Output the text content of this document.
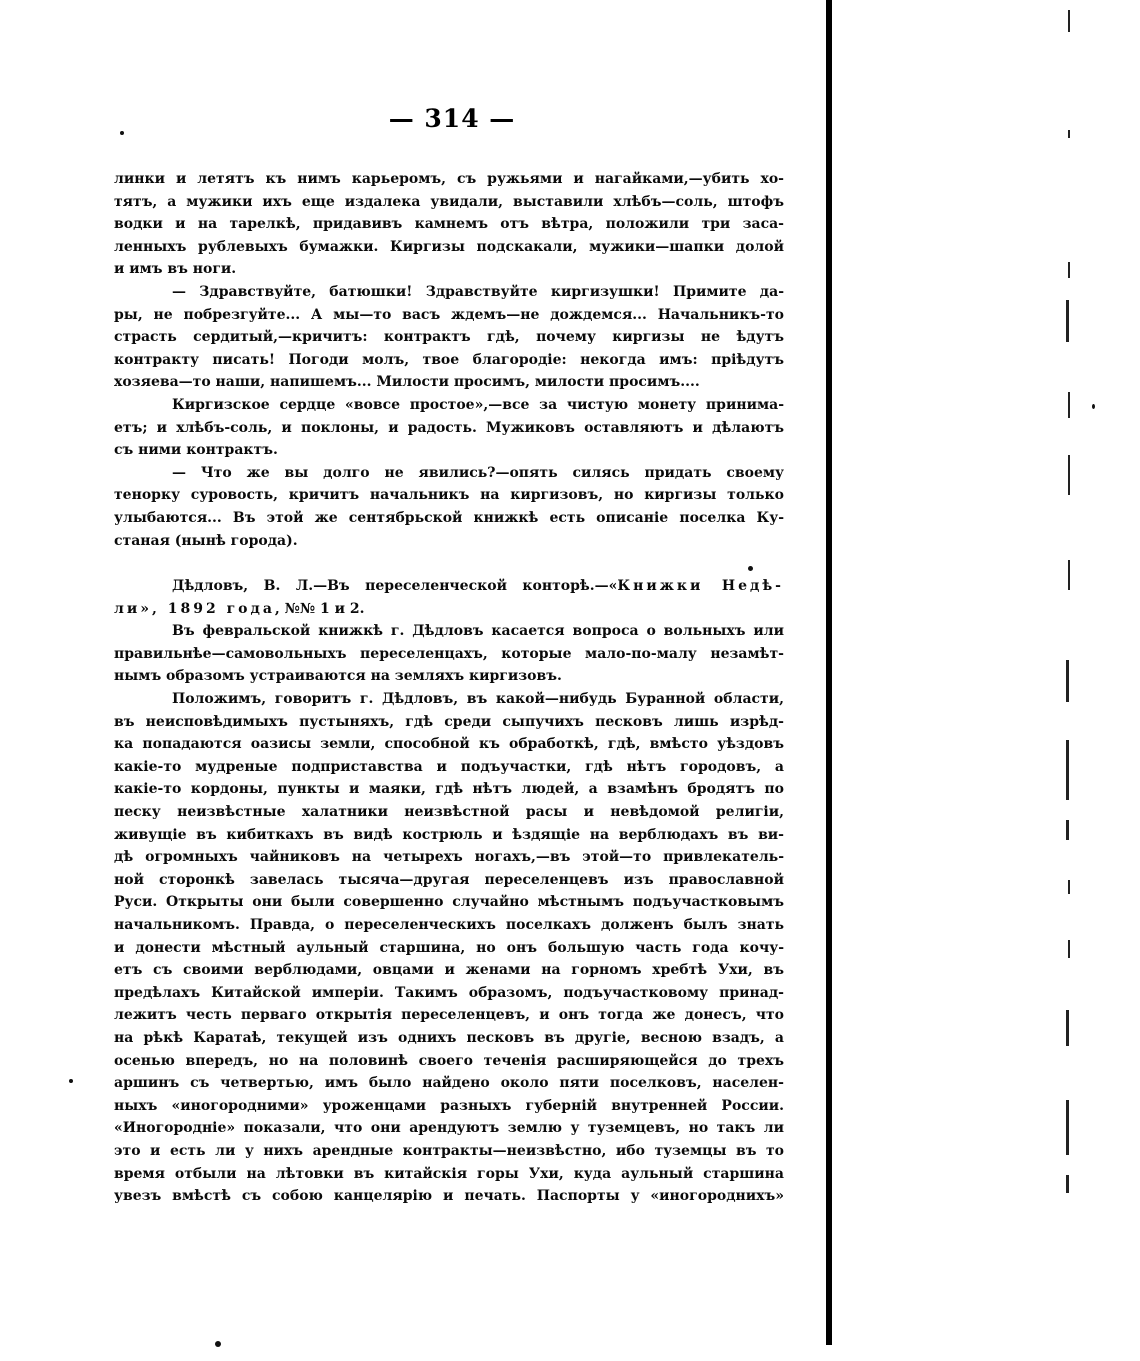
— 314 —
линки и летятъ къ нимъ карьеромъ, съ ружьями и нагайками,—убить хо-
тятъ, а мужики ихъ еще издалека увидали, выставили хлѣбъ—соль, штофъ
водки и на тарелкѣ, придавивъ камнемъ отъ вѣтра, положили три заса-
ленныхъ рублевыхъ бумажки. Киргизы подскакали, мужики—шапки долой
и имъ въ ноги.
— Здравствуйте, батюшки! Здравствуйте киргизушки! Примите да-
ры, не побрезгуйте... А мы—то васъ ждемъ—не дождемся... Начальникъ-то
страсть сердитый,—кричитъ: контрактъ гдѣ, почему киргизы не ѣдутъ
контракту писать! Погоди молъ, твое благородіе: некогда имъ: пріѣдутъ
хозяева—то наши, напишемъ... Милости просимъ, милости просимъ....
Киргизское сердце «вовсе простое»,—все за чистую монету принима-
етъ; и хлѣбъ-соль, и поклоны, и радость. Мужиковъ оставляютъ и дѣлаютъ
съ ними контрактъ.
— Что же вы долго не явились?—опять силясь придать своему
тенорку суровость, кричитъ начальникъ на киргизовъ, но киргизы только
улыбаются... Въ этой же сентябрьской книжкѣ есть описаніе поселка Ку-
станая (нынѣ города).
Дѣдловъ, В. Л.—Въ переселенческой конторѣ.—«Книжки Недѣ-
ли», 1892 года, №№ 1 и 2.
Въ февральской книжкѣ г. Дѣдловъ касается вопроса о вольныхъ или
правильнѣе—самовольныхъ переселенцахъ, которые мало-по-малу незамѣт-
нымъ образомъ устраиваются на земляхъ киргизовъ.
Положимъ, говоритъ г. Дѣдловъ, въ какой—нибудь Буранной области,
въ неисповѣдимыхъ пустыняхъ, гдѣ среди сыпучихъ песковъ лишь изрѣд-
ка попадаются оазисы земли, способной къ обработкѣ, гдѣ, вмѣсто уѣздовъ
какіе-то мудреные подприставства и подъучастки, гдѣ нѣтъ городовъ, а
какіе-то кордоны, пункты и маяки, гдѣ нѣтъ людей, а взамѣнъ бродятъ по
песку неизвѣстные халатники неизвѣстной расы и невѣдомой религіи,
живущіе въ кибиткахъ въ видѣ кострюль и ѣздящіе на верблюдахъ въ ви-
дѣ огромныхъ чайниковъ на четырехъ ногахъ,—въ этой—то привлекатель-
ной сторонкѣ завелась тысяча—другая переселенцевъ изъ православной
Руси. Открыты они были совершенно случайно мѣстнымъ подъучастковымъ
начальникомъ. Правда, о переселенческихъ поселкахъ долженъ былъ знать
и донести мѣстный аульный старшина, но онъ большую часть года кочу-
етъ съ своими верблюдами, овцами и женами на горномъ хребтѣ Ухи, въ
предѣлахъ Китайской имперіи. Такимъ образомъ, подъучастковому принад-
лежитъ честь перваго открытія переселенцевъ, и онъ тогда же донесъ, что
на рѣкѣ Каратаѣ, текущей изъ однихъ песковъ въ другіе, весною взадъ, а
осенью впередъ, но на половинѣ своего теченія расширяющейся до трехъ
аршинъ съ четвертью, имъ было найдено около пяти поселковъ, населен-
ныхъ «иногородними» уроженцами разныхъ губерній внутренней России.
«Иногородніе» показали, что они арендуютъ землю у туземцевъ, но такъ ли
это и есть ли у нихъ арендные контракты—неизвѣстно, ибо туземцы въ то
время отбыли на лѣтовки въ китайскія горы Ухи, куда аульный старшина
увезъ вмѣстѣ съ собою канцелярію и печать. Паспорты у «иногороднихъ»
